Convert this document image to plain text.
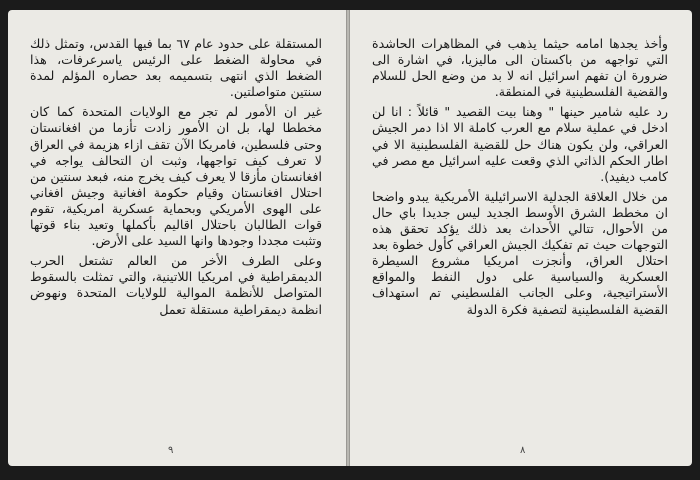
المستقلة على حدود عام ٦٧ بما فيها القدس، وتمثل ذلك في محاولة الضغط على الرئيس ياسرعرفات، هذا الضغط الذي انتهى بتسميمه بعد حصاره المؤلم لمدة سنتين متواصلتين.

غير ان الأمور لم تجر مع الولايات المتحدة كما كان مخططا لها، بل ان الأمور زادت تأزما من افغانستان وحتى فلسطين، فامريكا الآن تقف ازاء هزيمة في العراق لا تعرف كيف تواجهها، وثبت ان التحالف يواجه في افغانستان مأزقا لا يعرف كيف يخرج منه، فبعد سنتين من احتلال افغانستان وقيام حكومة افغانية وجيش افغاني على الهوى الأمريكي وبحماية عسكرية امريكية، تقوم قوات الطالبان باحتلال اقاليم بأكملها وتعيد بناء قوتها وتثبت مجددا وجودها وانها السيد على الأرض.

وعلى الطرف الأخر من العالم تشتعل الحرب الديمقراطية في امريكيا اللاتينية، والتي تمثلت بالسقوط المتواصل للأنظمة الموالية للولايات المتحدة ونهوض انظمة ديمقراطية مستقلة تعمل

٩

وأخذ يجدها امامه حيثما يذهب في المظاهرات الحاشدة التي تواجهه من باكستان الى ماليزيا، في اشارة الى ضرورة ان تفهم اسرائيل انه لا بد من وضع الحل للسلام والقضية الفلسطينية في المنطقة.

رد عليه شامير حينها " وهنا بيت القصيد " قائلاً : انا لن ادخل في عملية سلام مع العرب كاملة الا اذا دمر الجيش العراقي، ولن يكون هناك حل للقضية الفلسطينية الا في اطار الحكم الذاتي الذي وقعت عليه اسرائيل مع مصر في كامب ديفيد).

من خلال العلاقة الجدلية الاسرائيلية الأمريكية يبدو واضحا ان مخطط الشرق الأوسط الجديد ليس جديدا باي حال من الأحوال، تتالي الأحداث بعد ذلك يؤكد تحقق هذه التوجهات حيث تم تفكيك الجيش العراقي كأول خطوة بعد احتلال العراق، وأنجزت امريكيا مشروع السيطرة العسكرية والسياسية على دول النفط والمواقع الأستراتيجية، وعلى الجانب الفلسطيني تم استهداف القضية الفلسطينية لتصفية فكرة الدولة

٨
